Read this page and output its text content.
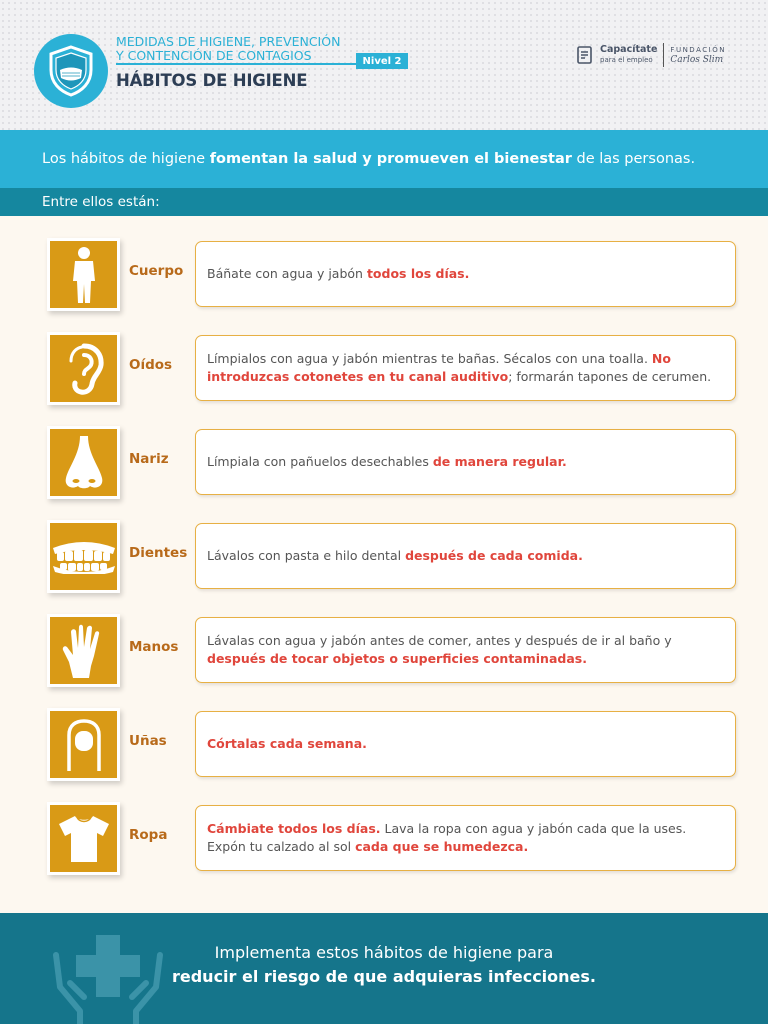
MEDIDAS DE HIGIENE, PREVENCIÓN
Y CONTENCIÓN DE CONTAGIOS	Nivel 2
HÁBITOS DE HIGIENE
Capacítate
para el empleo
FUNDACIÓN
Carlos Slim
Los hábitos de higiene fomentan la salud y promueven el bienestar de las personas.
Entre ellos están:
Cuerpo Báñate con agua y jabón todos los días.
Oídos	Límpialos con agua y jabón mientras te bañas. Sécalos con una toalla. No introduzcas cotonetes en tu canal auditivo; formarán tapones de cerumen.
Nariz	Límpiala con pañuelos desechables de manera regular.
Dientes Lávalos con pasta e hilo dental después de cada comida.
Manos Lávalas con agua y jabón antes de comer, antes y después de ir al baño y después de tocar objetos o superficies contaminadas.
Uñas	Córtalas cada semana.
Ropa	Cámbiate todos los días. Lava la ropa con agua y jabón cada que la uses. Expón tu calzado al sol cada que se humedezca.
Implementa estos hábitos de higiene para
reducir el riesgo de que adquieras infecciones.
